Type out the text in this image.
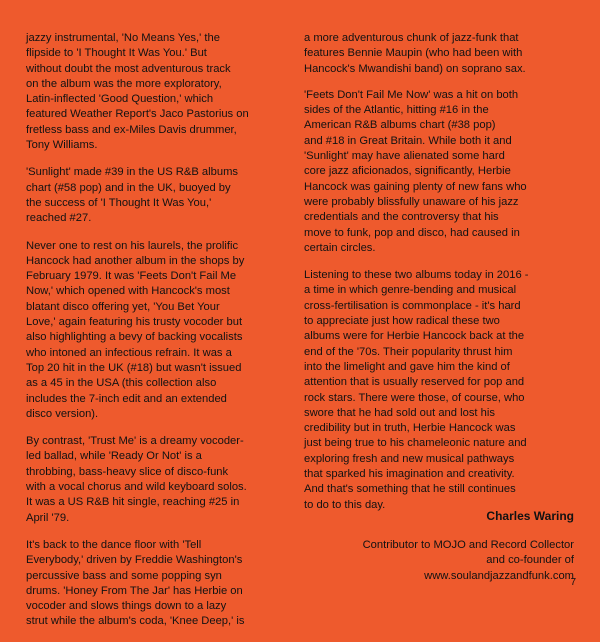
jazzy instrumental, 'No Means Yes,' the
flipside to 'I Thought It Was You.' But
without doubt the most adventurous track
on the album was the more exploratory,
Latin-inflected 'Good Question,' which
featured Weather Report's Jaco Pastorius on
fretless bass and ex-Miles Davis drummer,
Tony Williams.

'Sunlight' made #39 in the US R&B albums
chart (#58 pop) and in the UK, buoyed by
the success of 'I Thought It Was You,'
reached #27.

Never one to rest on his laurels, the prolific
Hancock had another album in the shops by
February 1979. It was 'Feets Don't Fail Me
Now,' which opened with Hancock's most
blatant disco offering yet, 'You Bet Your
Love,' again featuring his trusty vocoder but
also highlighting a bevy of backing vocalists
who intoned an infectious refrain. It was a
Top 20 hit in the UK (#18) but wasn't issued
as a 45 in the USA (this collection also
includes the 7-inch edit and an extended
disco version).

By contrast, 'Trust Me' is a dreamy vocoder-
led ballad, while 'Ready Or Not' is a
throbbing, bass-heavy slice of disco-funk
with a vocal chorus and wild keyboard solos.
It was a US R&B hit single, reaching #25 in
April '79.

It's back to the dance floor with 'Tell
Everybody,' driven by Freddie Washington's
percussive bass and some popping syn
drums. 'Honey From The Jar' has Herbie on
vocoder and slows things down to a lazy
strut while the album's coda, 'Knee Deep,' is

a more adventurous chunk of jazz-funk that
features Bennie Maupin (who had been with
Hancock's Mwandishi band) on soprano sax.

'Feets Don't Fail Me Now' was a hit on both
sides of the Atlantic, hitting #16 in the
American R&B albums chart (#38 pop)
and #18 in Great Britain. While both it and
'Sunlight' may have alienated some hard
core jazz aficionados, significantly, Herbie
Hancock was gaining plenty of new fans who
were probably blissfully unaware of his jazz
credentials and the controversy that his
move to funk, pop and disco, had caused in
certain circles.

Listening to these two albums today in 2016 -
a time in which genre-bending and musical
cross-fertilisation is commonplace - it's hard
to appreciate just how radical these two
albums were for Herbie Hancock back at the
end of the '70s. Their popularity thrust him
into the limelight and gave him the kind of
attention that is usually reserved for pop and
rock stars. There were those, of course, who
swore that he had sold out and lost his
credibility but in truth, Herbie Hancock was
just being true to his chameleonic nature and
exploring fresh and new musical pathways
that sparked his imagination and creativity.
And that's something that he still continues
to do to this day.

Charles Waring
Contributor to MOJO and Record Collector
and co-founder of
www.soulandjazzandfunk.com
7
